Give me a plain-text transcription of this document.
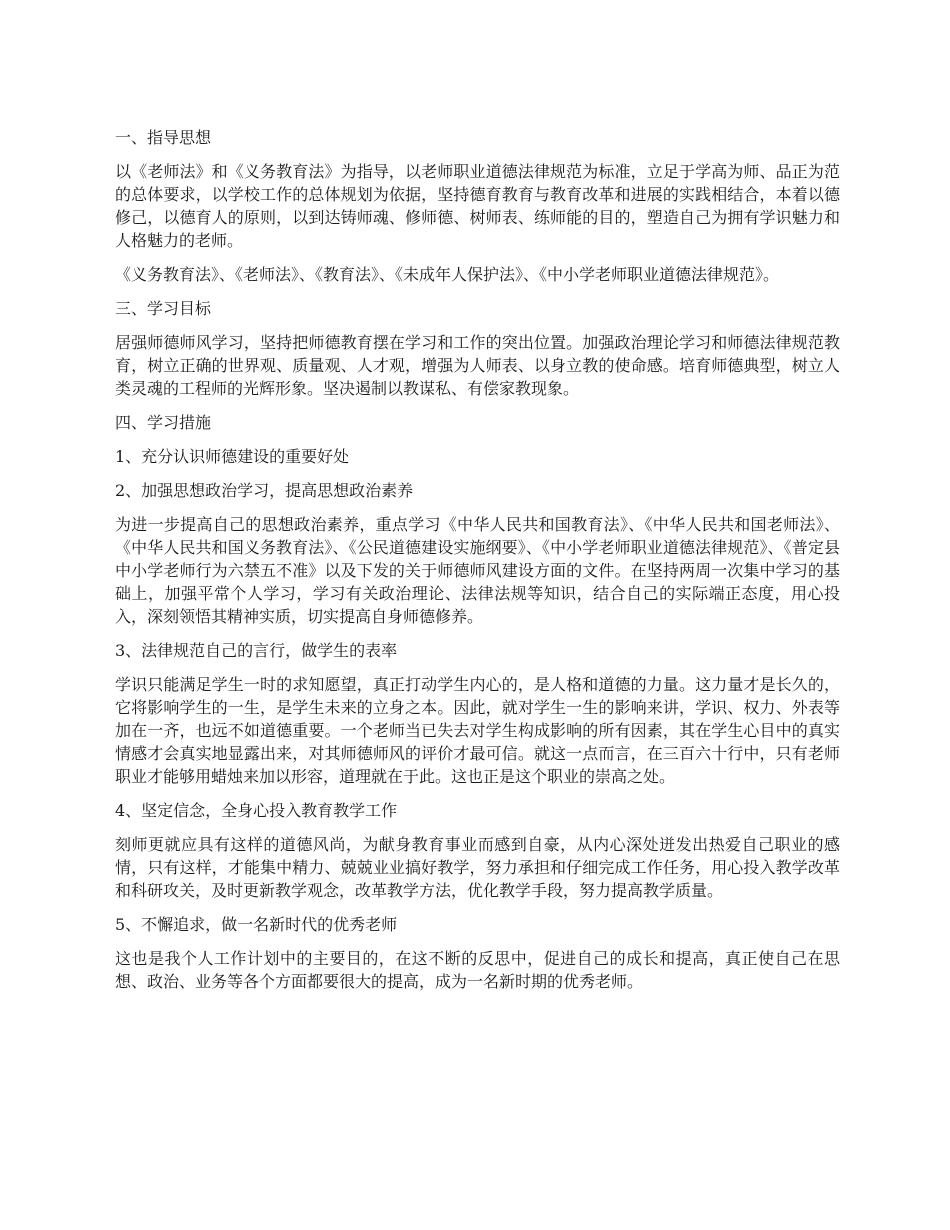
一、指导思想

以《老师法》和《义务教育法》为指导，以老师职业道德法律规范为标准，立足于学高为师、品正为范的总体要求，以学校工作的总体规划为依据，坚持德育教育与教育改革和进展的实践相结合，本着以德修己，以德育人的原则，以到达铸师魂、修师德、树师表、练师能的目的，塑造自己为拥有学识魅力和人格魅力的老师。

《义务教育法》、《老师法》、《教育法》、《未成年人保护法》、《中小学老师职业道德法律规范》。

三、学习目标

居强师德师风学习，坚持把师德教育摆在学习和工作的突出位置。加强政治理论学习和师德法律规范教育，树立正确的世界观、质量观、人才观，增强为人师表、以身立教的使命感。培育师德典型，树立人类灵魂的工程师的光辉形象。坚决遏制以教谋私、有偿家教现象。

四、学习措施

1、充分认识师德建设的重要好处

2、加强思想政治学习，提高思想政治素养

为进一步提高自己的思想政治素养，重点学习《中华人民共和国教育法》、《中华人民共和国老师法》、《中华人民共和国义务教育法》、《公民道德建设实施纲要》、《中小学老师职业道德法律规范》、《普定县中小学老师行为六禁五不准》以及下发的关于师德师风建设方面的文件。在坚持两周一次集中学习的基础上，加强平常个人学习，学习有关政治理论、法律法规等知识，结合自己的实际端正态度，用心投入，深刻领悟其精神实质，切实提高自身师德修养。

3、法律规范自己的言行，做学生的表率

学识只能满足学生一时的求知愿望，真正打动学生内心的，是人格和道德的力量。这力量才是长久的，它将影响学生的一生，是学生未来的立身之本。因此，就对学生一生的影响来讲，学识、权力、外表等加在一齐，也远不如道德重要。一个老师当已失去对学生构成影响的所有因素，其在学生心目中的真实情感才会真实地显露出来，对其师德师风的评价才最可信。就这一点而言，在三百六十行中，只有老师职业才能够用蜡烛来加以形容，道理就在于此。这也正是这个职业的崇高之处。

4、坚定信念，全身心投入教育教学工作

刻师更就应具有这样的道德风尚，为献身教育事业而感到自豪，从内心深处迸发出热爱自己职业的感情，只有这样，才能集中精力、兢兢业业搞好教学，努力承担和仔细完成工作任务，用心投入教学改革和科研攻关，及时更新教学观念，改革教学方法，优化教学手段，努力提高教学质量。

5、不懈追求，做一名新时代的优秀老师

这也是我个人工作计划中的主要目的，在这不断的反思中，促进自己的成长和提高，真正使自己在思想、政治、业务等各个方面都要很大的提高，成为一名新时期的优秀老师。
